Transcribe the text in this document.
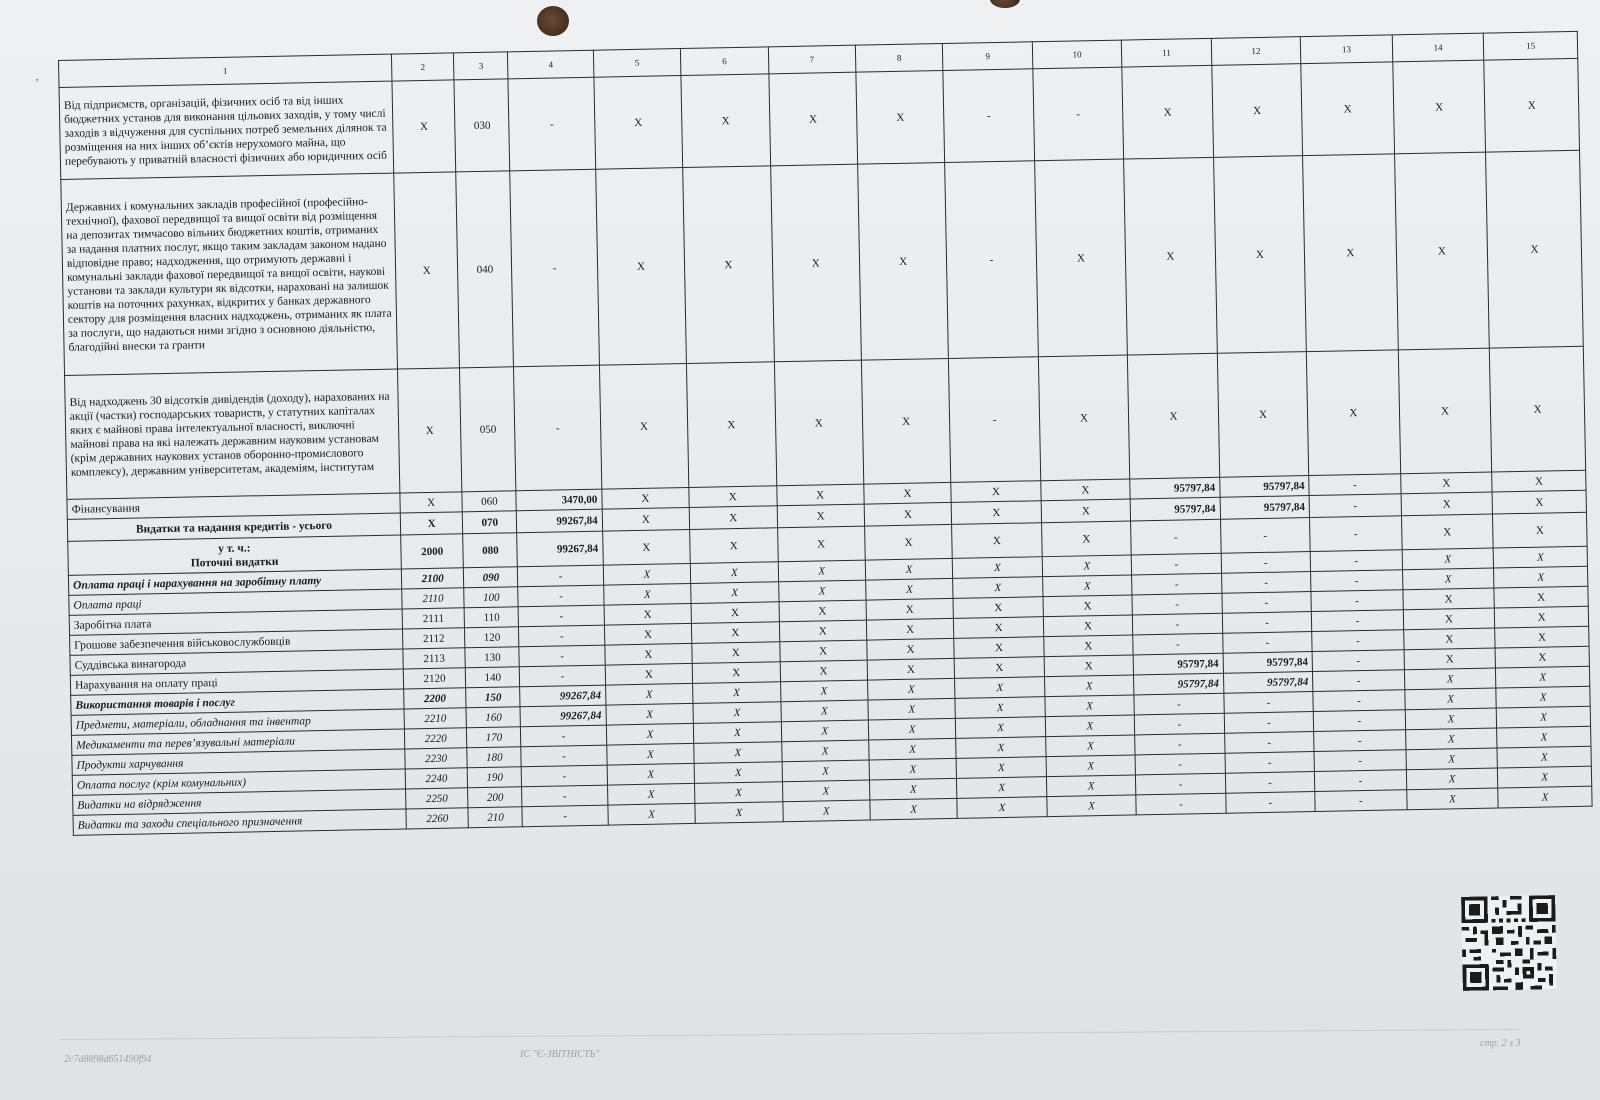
,
1	2	3	4	5	6	7	8	9	10	11	12	13	14	15
Від підприємств, організацій, фізичних осіб та від інших бюджетних установ для виконання цільових заходів, у тому числі заходів з відчуження для суспільних потреб земельних ділянок та розміщення на них інших об’єктів нерухомого майна, що перебувають у приватній власності фізичних або юридичних осіб	X	030	-	X	X	X	X	-	-	X	X	X	X	X
Державних і комунальних закладів професійної (професійно-технічної), фахової передвищої та вищої освіти від розміщення на депозитах тимчасово вільних бюджетних коштів, отриманих за надання платних послуг, якщо таким закладам законом надано відповідне право; надходження, що отримують державні і комунальні заклади фахової передвищої та вищої освіти, наукові установи та заклади культури як відсотки, нараховані на залишок коштів на поточних рахунках, відкритих у банках державного сектору для розміщення власних надходжень, отриманих як плата за послуги, що надаються ними згідно з основною діяльністю, благодійні внески та гранти	X	040	-	X	X	X	X	-	X	X	X	X	X	X
Від надходжень 30 відсотків дивідендів (доходу), нарахованих на акції (частки) господарських товариств, у статутних капіталах яких є майнові права інтелектуальної власності, виключні майнові права на які належать державним науковим установам (крім державних наукових установ оборонно-промислового комплексу), державним університетам, академіям, інститутам	X	050	-	X	X	X	X	-	X	X	X	X	X	X
Фінансування	X	060	3470,00	X	X	X	X	X	X	95797,84	95797,84	-	X	X
Видатки та надання кредитів - усього	X	070	99267,84	X	X	X	X	X	X	95797,84	95797,84	-	X	X
у т. ч.:
Поточні видатки	2000	080	99267,84	X	X	X	X	X	X	-	-	-	X	X
Оплата праці і нарахування на заробітну плату	2100	090	-	X	X	X	X	X	X	-	-	-	X	X
Оплата праці	2110	100	-	X	X	X	X	X	X	-	-	-	X	X
Заробітна плата	2111	110	-	X	X	X	X	X	X	-	-	-	X	X
Грошове забезпечення військовослужбовців	2112	120	-	X	X	X	X	X	X	-	-	-	X	X
Суддівська винагорода	2113	130	-	X	X	X	X	X	X	-	-	-	X	X
Нарахування на оплату праці	2120	140	-	X	X	X	X	X	X	95797,84	95797,84	-	X	X
Використання товарів і послуг	2200	150	99267,84	X	X	X	X	X	X	95797,84	95797,84	-	X	X
Предмети, матеріали, обладнання та інвентар	2210	160	99267,84	X	X	X	X	X	X	-	-	-	X	X
Медикаменти та перев’язувальні матеріали	2220	170	-	X	X	X	X	X	X	-	-	-	X	X
Продукти харчування	2230	180	-	X	X	X	X	X	X	-	-	-	X	X
Оплата послуг (крім комунальних)	2240	190	-	X	X	X	X	X	X	-	-	-	X	X
Видатки на відрядження	2250	200	-	X	X	X	X	X	X	-	-	-	X	X
Видатки та заходи спеціального призначення	2260	210	-	X	X	X	X	X	X	-	-	-	X	X
2c7d8898d651490f94	ІС "Є-ЗВІТНІСТЬ"
стр. 2 з 3
